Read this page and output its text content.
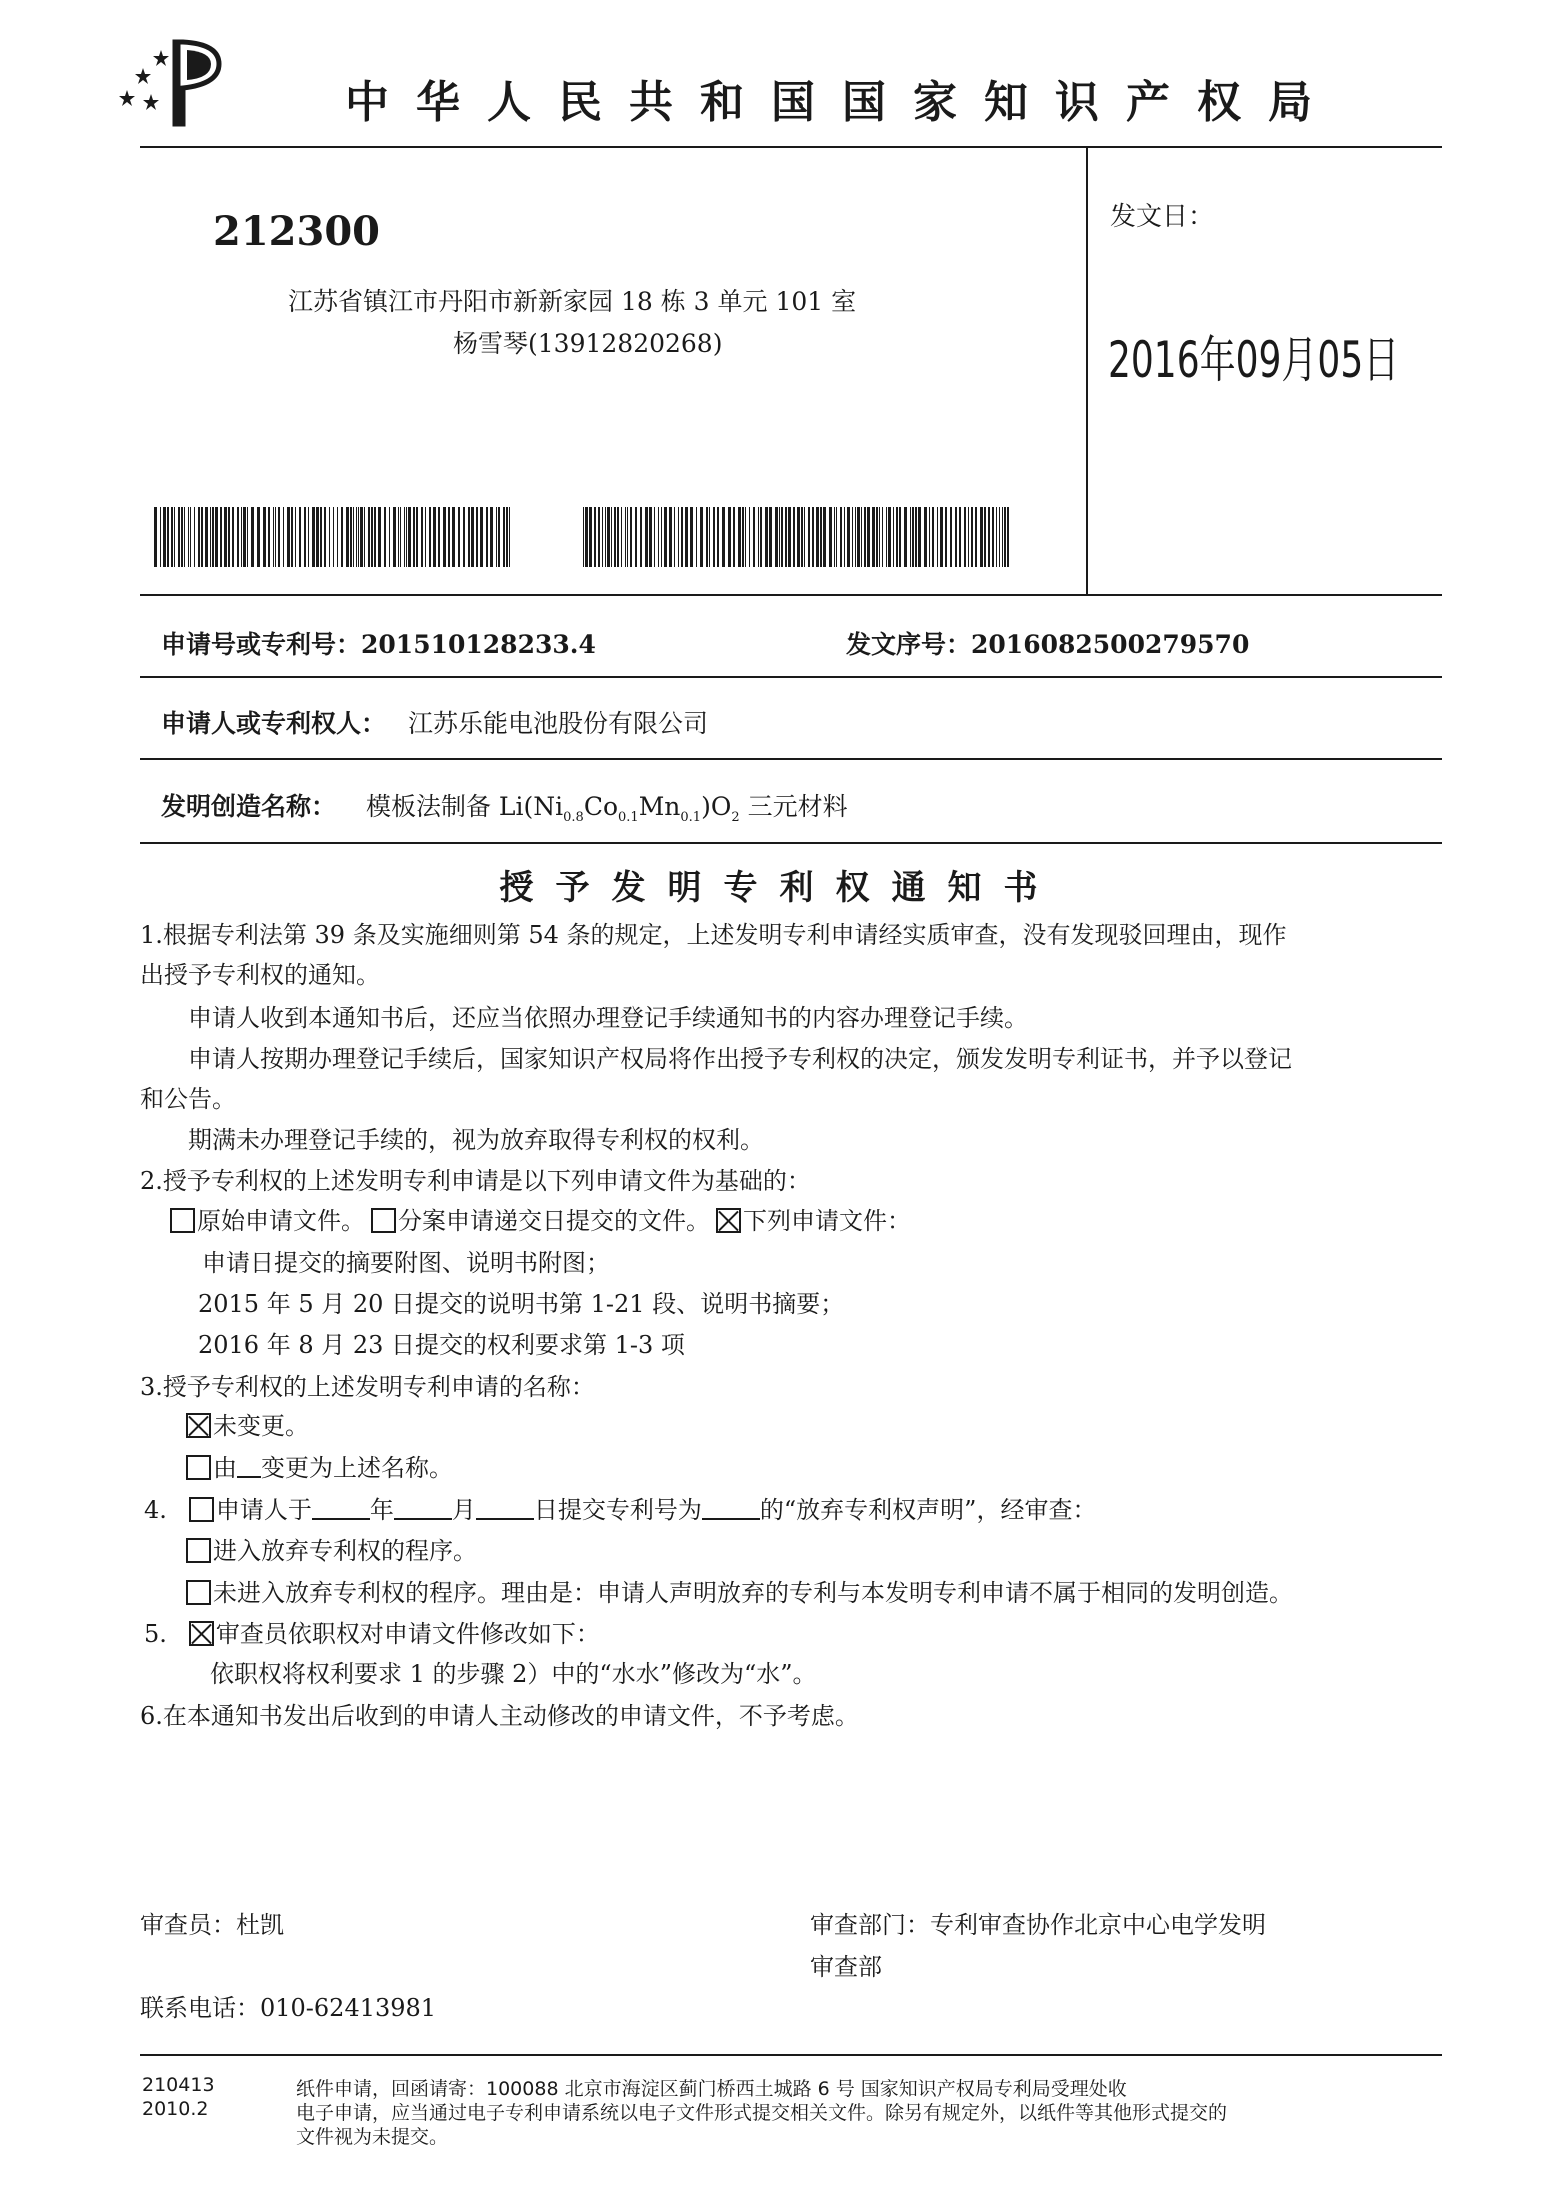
中华人民共和国国家知识产权局
212300
江苏省镇江市丹阳市新新家园 18 栋 3 单元 101 室
杨雪琴(13912820268)
发文日：
2016年09月05日
申请号或专利号：201510128233.4	发文序号：2016082500279570
申请人或专利权人： 江苏乐能电池股份有限公司
发明创造名称： 模板法制备 $Li(Ni_{0.8}Co_{0.1}Mn_{0.1})O_2$ 三元材料
授予发明专利权通知书
1.根据专利法第 39 条及实施细则第 54 条的规定，上述发明专利申请经实质审查，没有发现驳回理由，现作
出授予专利权的通知。
申请人收到本通知书后，还应当依照办理登记手续通知书的内容办理登记手续。
申请人按期办理登记手续后，国家知识产权局将作出授予专利权的决定，颁发发明专利证书，并予以登记
和公告。
期满未办理登记手续的，视为放弃取得专利权的权利。
2.授予专利权的上述发明专利申请是以下列申请文件为基础的：
原始申请文件。 分案申请递交日提交的文件。 下列申请文件：
申请日提交的摘要附图、说明书附图；
2015 年 5 月 20 日提交的说明书第 1-21 段、说明书摘要；
2016 年 8 月 23 日提交的权利要求第 1-3 项
3.授予专利权的上述发明专利申请的名称：
未变更。
由 变更为上述名称。
4. 申请人于 年 月 日提交专利号为 的“放弃专利权声明”，经审查：
进入放弃专利权的程序。
未进入放弃专利权的程序。理由是：申请人声明放弃的专利与本发明专利申请不属于相同的发明创造。
5. 审查员依职权对申请文件修改如下：
依职权将权利要求 1 的步骤 2）中的“水水”修改为“水”。
6.在本通知书发出后收到的申请人主动修改的申请文件，不予考虑。
审查员：杜凯	审查部门：专利审查协作北京中心电学发明
审查部
联系电话：010-62413981
210413
2010.2
纸件申请，回函请寄：100088 北京市海淀区蓟门桥西土城路 6 号 国家知识产权局专利局受理处收
电子申请，应当通过电子专利申请系统以电子文件形式提交相关文件。除另有规定外，以纸件等其他形式提交的
文件视为未提交。
